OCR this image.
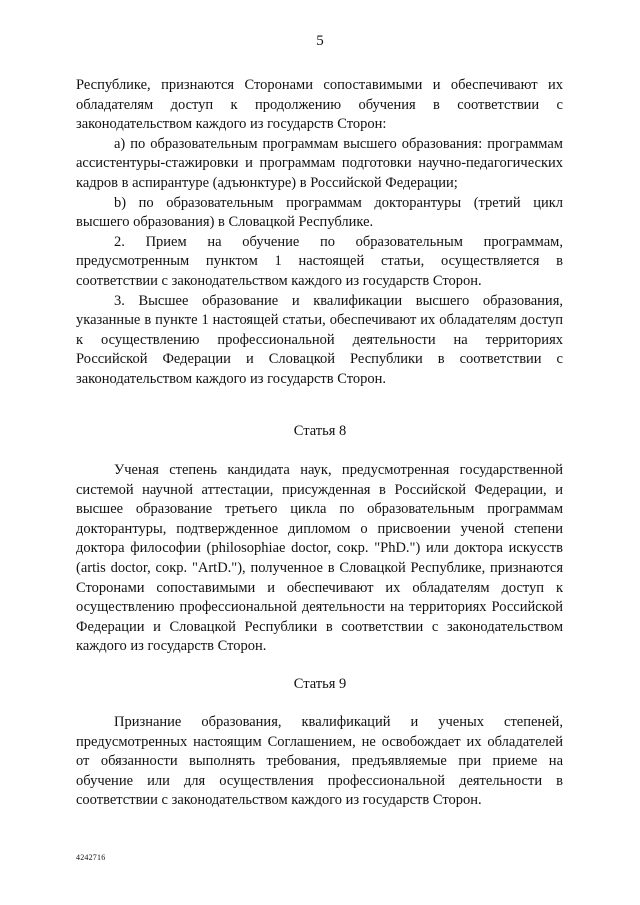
5

Республике, признаются Сторонами сопоставимыми и обеспечивают их обладателям доступ к продолжению обучения в соответствии с законодательством каждого из государств Сторон:

а) по образовательным программам высшего образования: программам ассистентуры-стажировки и программам подготовки научно-педагогических кадров в аспирантуре (адъюнктуре) в Российской Федерации;

b) по образовательным программам докторантуры (третий цикл высшего образования) в Словацкой Республике.

2. Прием на обучение по образовательным программам, предусмотренным пунктом 1 настоящей статьи, осуществляется в соответствии с законодательством каждого из государств Сторон.

3. Высшее образование и квалификации высшего образования, указанные в пункте 1 настоящей статьи, обеспечивают их обладателям доступ к осуществлению профессиональной деятельности на территориях Российской Федерации и Словацкой Республики в соответствии с законодательством каждого из государств Сторон.

Статья 8

Ученая степень кандидата наук, предусмотренная государственной системой научной аттестации, присужденная в Российской Федерации, и высшее образование третьего цикла по образовательным программам докторантуры, подтвержденное дипломом о присвоении ученой степени доктора философии (philosophiae doctor, сокр. "PhD.") или доктора искусств (artis doctor, сокр. "ArtD."), полученное в Словацкой Республике, признаются Сторонами сопоставимыми и обеспечивают их обладателям доступ к осуществлению профессиональной деятельности на территориях Российской Федерации и Словацкой Республики в соответствии с законодательством каждого из государств Сторон.

Статья 9

Признание образования, квалификаций и ученых степеней, предусмотренных настоящим Соглашением, не освобождает их обладателей от обязанности выполнять требования, предъявляемые при приеме на обучение или для осуществления профессиональной деятельности в соответствии с законодательством каждого из государств Сторон.

4242716
